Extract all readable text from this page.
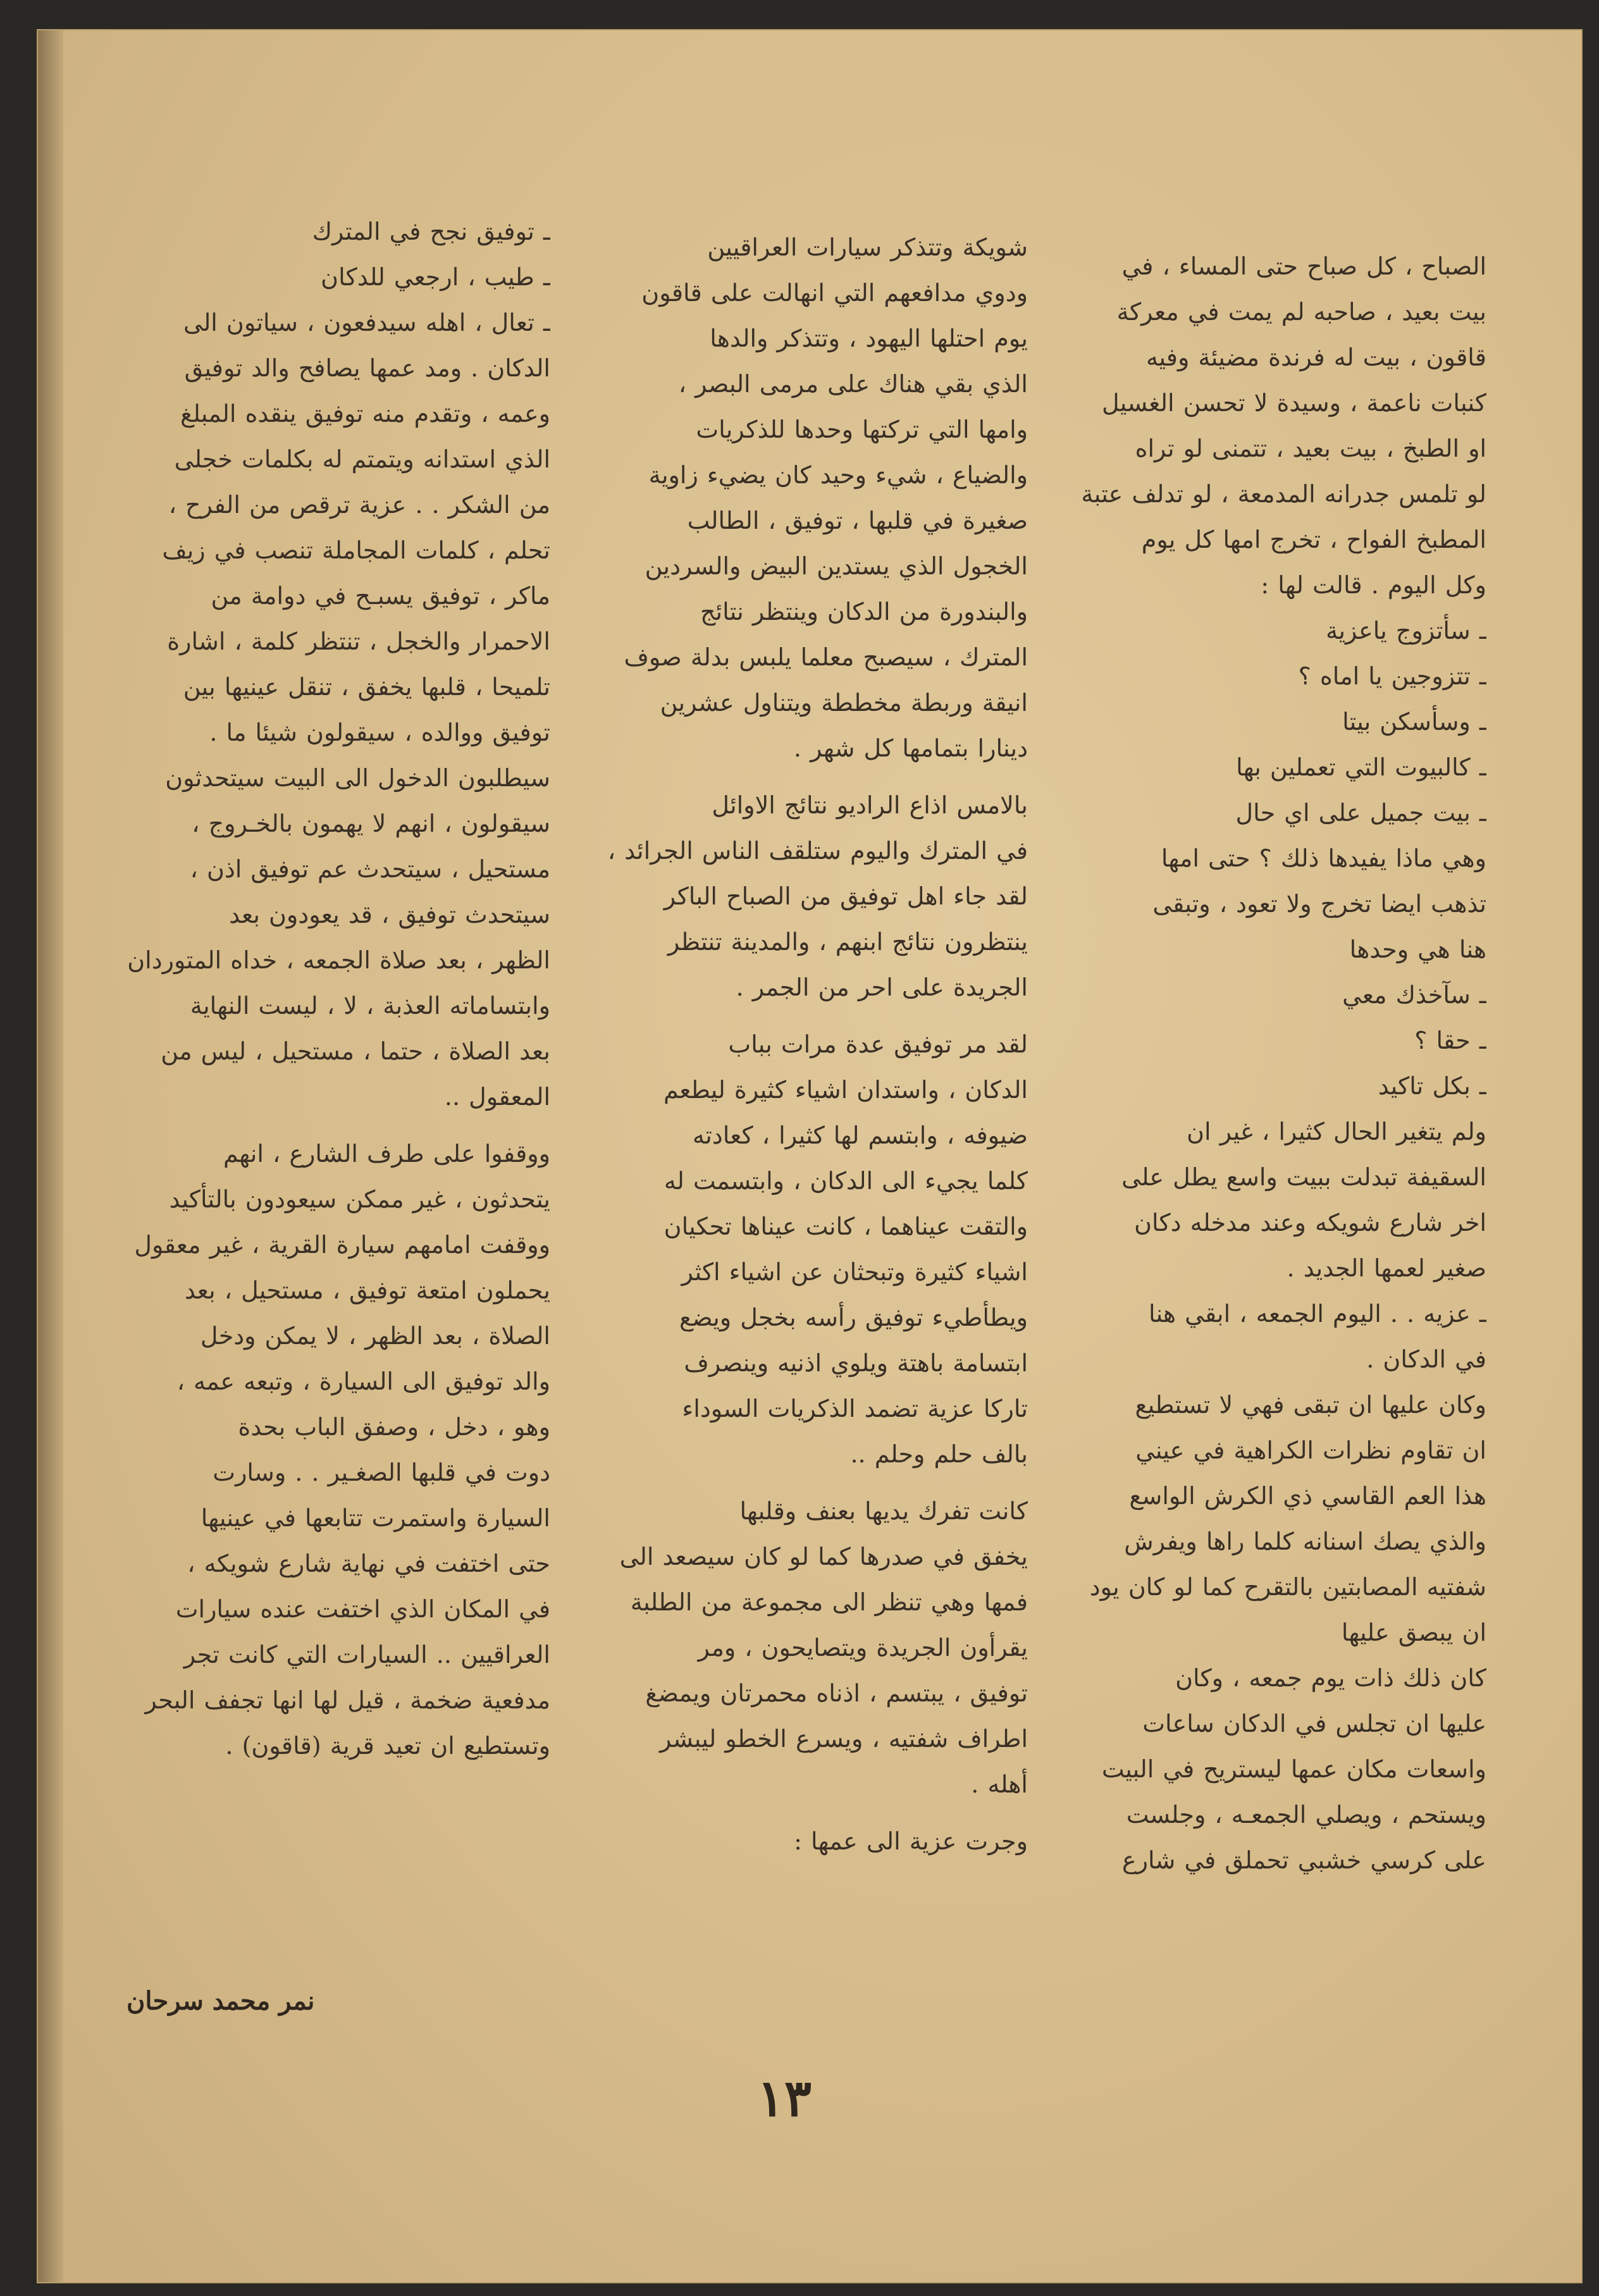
الصباح ، كل صباح حتى المساء ، في
بيت بعيد ، صاحبه لم يمت في معركة
قاقون ، بيت له فرندة مضيئة وفيه
كنبات ناعمة ، وسيدة لا تحسن الغسيل
او الطبخ ، بيت بعيد ، تتمنى لو تراه
لو تلمس جدرانه المدمعة ، لو تدلف عتبة
المطبخ الفواح ، تخرج امها كل يوم
وكل اليوم . قالت لها :
ـ سأتزوج ياعزية
ـ تتزوجين يا اماه ؟
ـ وسأسكن بيتا
ـ كالبيوت التي تعملين بها
ـ بيت جميل على اي حال
وهي ماذا يفيدها ذلك ؟ حتى امها
تذهب ايضا تخرج ولا تعود ، وتبقى
هنا هي وحدها
ـ سآخذك معي
ـ حقا ؟
ـ بكل تاكيد
ولم يتغير الحال كثيرا ، غير ان
السقيفة تبدلت ببيت واسع يطل على
اخر شارع شويكه وعند مدخله دكان
صغير لعمها الجديد .
ـ عزيه . . اليوم الجمعه ، ابقي هنا
في الدكان .
وكان عليها ان تبقى فهي لا تستطيع
ان تقاوم نظرات الكراهية في عيني
هذا العم القاسي ذي الكرش الواسع
والذي يصك اسنانه كلما راها ويفرش
شفتيه المصابتين بالتقرح كما لو كان يود
ان يبصق عليها
كان ذلك ذات يوم جمعه ، وكان
عليها ان تجلس في الدكان ساعات
واسعات مكان عمها ليستريح في البيت
ويستحم ، ويصلي الجمعـه ، وجلست
على كرسي خشبي تحملق في شارع
شويكة وتتذكر سيارات العراقيين
ودوي مدافعهم التي انهالت على قاقون
يوم احتلها اليهود ، وتتذكر والدها
الذي بقي هناك على مرمى البصر ،
وامها التي تركتها وحدها للذكريات
والضياع ، شيء وحيد كان يضيء زاوية
صغيرة في قلبها ، توفيق ، الطالب
الخجول الذي يستدين البيض والسردين
والبندورة من الدكان وينتظر نتائج
المترك ، سيصبح معلما يلبس بدلة صوف
انيقة وربطة مخططة ويتناول عشرين
دينارا بتمامها كل شهر .
بالامس اذاع الراديو نتائج الاوائل
في المترك واليوم ستلقف الناس الجرائد ،
لقد جاء اهل توفيق من الصباح الباكر
ينتظرون نتائج ابنهم ، والمدينة تنتظر
الجريدة على احر من الجمر .
لقد مر توفيق عدة مرات بباب
الدكان ، واستدان اشياء كثيرة ليطعم
ضيوفه ، وابتسم لها كثيرا ، كعادته
كلما يجيء الى الدكان ، وابتسمت له
والتقت عيناهما ، كانت عيناها تحكيان
اشياء كثيرة وتبحثان عن اشياء اكثر
ويطأطيء توفيق رأسه بخجل ويضع
ابتسامة باهتة ويلوي اذنيه وينصرف
تاركا عزية تضمد الذكريات السوداء
بالف حلم وحلم ..
كانت تفرك يديها بعنف وقلبها
يخفق في صدرها كما لو كان سيصعد الى
فمها وهي تنظر الى مجموعة من الطلبة
يقرأون الجريدة ويتصايحون ، ومر
توفيق ، يبتسم ، اذناه محمرتان ويمضغ
اطراف شفتيه ، ويسرع الخطو ليبشر
أهله .
وجرت عزية الى عمها :
ـ توفيق نجح في المترك
ـ طيب ، ارجعي للدكان
ـ تعال ، اهله سيدفعون ، سياتون الى
الدكان . ومد عمها يصافح والد توفيق
وعمه ، وتقدم منه توفيق ينقده المبلغ
الذي استدانه ويتمتم له بكلمات خجلى
من الشكر . . عزية ترقص من الفرح ،
تحلم ، كلمات المجاملة تنصب في زيف
ماكر ، توفيق يسبـح في دوامة من
الاحمرار والخجل ، تنتظر كلمة ، اشارة
تلميحا ، قلبها يخفق ، تنقل عينيها بين
توفيق ووالده ، سيقولون شيئا ما .
سيطلبون الدخول الى البيت سيتحدثون
سيقولون ، انهم لا يهمون بالخـروج ،
مستحيل ، سيتحدث عم توفيق اذن ،
سيتحدث توفيق ، قد يعودون بعد
الظهر ، بعد صلاة الجمعه ، خداه المتوردان
وابتساماته العذبة ، لا ، ليست النهاية
بعد الصلاة ، حتما ، مستحيل ، ليس من
المعقول ..
ووقفوا على طرف الشارع ، انهم
يتحدثون ، غير ممكن سيعودون بالتأكيد
ووقفت امامهم سيارة القرية ، غير معقول
يحملون امتعة توفيق ، مستحيل ، بعد
الصلاة ، بعد الظهر ، لا يمكن ودخل
والد توفيق الى السيارة ، وتبعه عمه ،
وهو ، دخل ، وصفق الباب بحدة
دوت في قلبها الصغـير . . وسارت
السيارة واستمرت تتابعها في عينيها
حتى اختفت في نهاية شارع شويكه ،
في المكان الذي اختفت عنده سيارات
العراقيين .. السيارات التي كانت تجر
مدفعية ضخمة ، قيل لها انها تجفف البحر
وتستطيع ان تعيد قرية (قاقون) .
نمر محمد سرحان
١٣
